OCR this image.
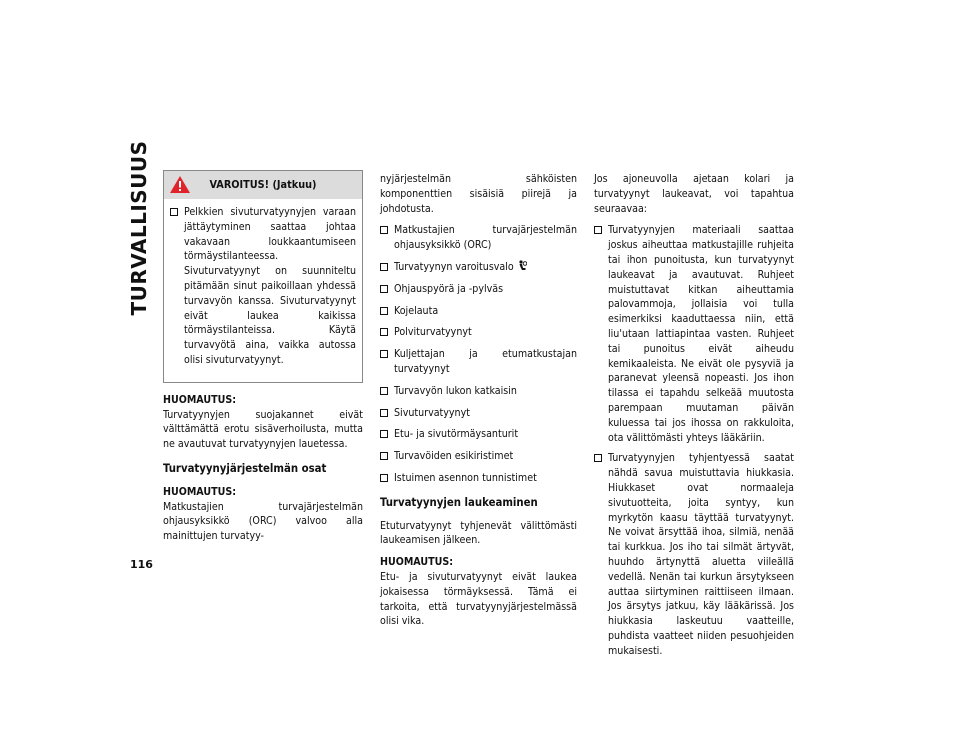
TURVALLISUUS
116
VAROITUS! (Jatkuu)
Pelkkien sivuturvatyynyjen varaan jättäytyminen saattaa johtaa vakavaan loukkaantumiseen törmäystilanteessa. Sivuturvatyynyt on suunniteltu pitämään sinut paikoillaan yhdessä turvavyön kanssa. Sivuturvatyynyt eivät laukea kaikissa törmäystilanteissa. Käytä turvavyötä aina, vaikka autossa olisi sivuturvatyynyt.

HUOMAUTUS:

Turvatyynyjen suojakannet eivät välttämättä erotu sisäverhoilusta, mutta ne avautuvat turvatyynyjen lauetessa.

Turvatyynyjärjestelmän osat

HUOMAUTUS:

Matkustajien turvajärjestelmän ohjausyksikkö (ORC) valvoo alla mainittujen turvatyy-

nyjärjestelmän sähköisten komponenttien sisäisiä piirejä ja johdotusta.

Matkustajien turvajärjestelmän ohjausyksikkö (ORC)
Turvatyynyn varoitusvalo
Ohjauspyörä ja -pylväs
Kojelauta
Polviturvatyynyt
Kuljettajan ja etumatkustajan turvatyynyt
Turvavyön lukon katkaisin
Sivuturvatyynyt
Etu- ja sivutörmäysanturit
Turvavöiden esikiristimet
Istuimen asennon tunnistimet
Turvatyynyjen laukeaminen

Etuturvatyynyt tyhjenevät välittömästi laukeamisen jälkeen.

HUOMAUTUS:

Etu- ja sivuturvatyynyt eivät laukea jokaisessa törmäyksessä. Tämä ei tarkoita, että turvatyynyjärjestelmässä olisi vika.

Jos ajoneuvolla ajetaan kolari ja turvatyynyt laukeavat, voi tapahtua seuraavaa:

Turvatyynyjen materiaali saattaa joskus aiheuttaa matkustajille ruhjeita tai ihon punoitusta, kun turvatyynyt laukeavat ja avautuvat. Ruhjeet muistuttavat kitkan aiheuttamia palovammoja, jollaisia voi tulla esimerkiksi kaaduttaessa niin, että liu'utaan lattiapintaa vasten. Ruhjeet tai punoitus eivät aiheudu kemikaaleista. Ne eivät ole pysyviä ja paranevat yleensä nopeasti. Jos ihon tilassa ei tapahdu selkeää muutosta parempaan muutaman päivän kuluessa tai jos ihossa on rakkuloita, ota välittömästi yhteys lääkäriin.
Turvatyynyjen tyhjentyessä saatat nähdä savua muistuttavia hiukkasia. Hiukkaset ovat normaaleja sivutuotteita, joita syntyy, kun myrkytön kaasu täyttää turvatyynyt. Ne voivat ärsyttää ihoa, silmiä, nenää tai kurkkua. Jos iho tai silmät ärtyvät, huuhdo ärtynyttä aluetta viileällä vedellä. Nenän tai kurkun ärsytykseen auttaa siirtyminen raittiiseen ilmaan. Jos ärsytys jatkuu, käy lääkärissä. Jos hiukkasia laskeutuu vaatteille, puhdista vaatteet niiden pesuohjeiden mukaisesti.
